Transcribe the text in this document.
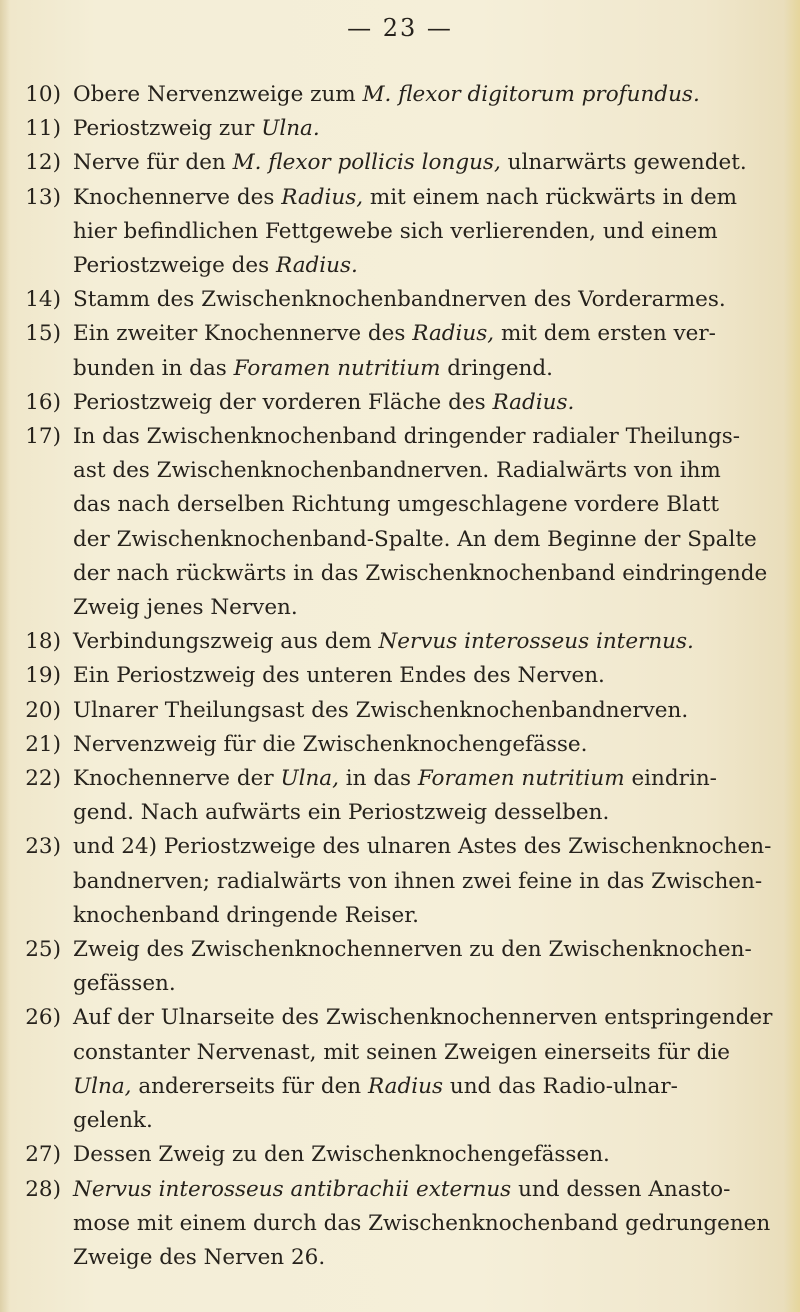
— 23 —
10) Obere Nervenzweige zum M. flexor digitorum profundus.
11) Periostzweig zur Ulna.
12) Nerve für den M. flexor pollicis longus, ulnarwärts gewendet.
13) Knochennerve des Radius, mit einem nach rückwärts in dem
hier befindlichen Fettgewebe sich verlierenden, und einem
Periostzweige des Radius.
14) Stamm des Zwischenknochenbandnerven des Vorderarmes.
15) Ein zweiter Knochennerve des Radius, mit dem ersten ver-
bunden in das Foramen nutritium dringend.
16) Periostzweig der vorderen Fläche des Radius.
17) In das Zwischenknochenband dringender radialer Theilungs-
ast des Zwischenknochenbandnerven. Radialwärts von ihm
das nach derselben Richtung umgeschlagene vordere Blatt
der Zwischenknochenband-Spalte. An dem Beginne der Spalte
der nach rückwärts in das Zwischenknochenband eindringende
Zweig jenes Nerven.
18) Verbindungszweig aus dem Nervus interosseus internus.
19) Ein Periostzweig des unteren Endes des Nerven.
20) Ulnarer Theilungsast des Zwischenknochenbandnerven.
21) Nervenzweig für die Zwischenknochengefässe.
22) Knochennerve der Ulna, in das Foramen nutritium eindrin-
gend. Nach aufwärts ein Periostzweig desselben.
23) und 24) Periostzweige des ulnaren Astes des Zwischenknochen-
bandnerven; radialwärts von ihnen zwei feine in das Zwischen-
knochenband dringende Reiser.
25) Zweig des Zwischenknochennerven zu den Zwischenknochen-
gefässen.
26) Auf der Ulnarseite des Zwischenknochennerven entspringender
constanter Nervenast, mit seinen Zweigen einerseits für die
Ulna, andererseits für den Radius und das Radio-ulnar-
gelenk.
27) Dessen Zweig zu den Zwischenknochengefässen.
28) Nervus interosseus antibrachii externus und dessen Anasto-
mose mit einem durch das Zwischenknochenband gedrungenen
Zweige des Nerven 26.
